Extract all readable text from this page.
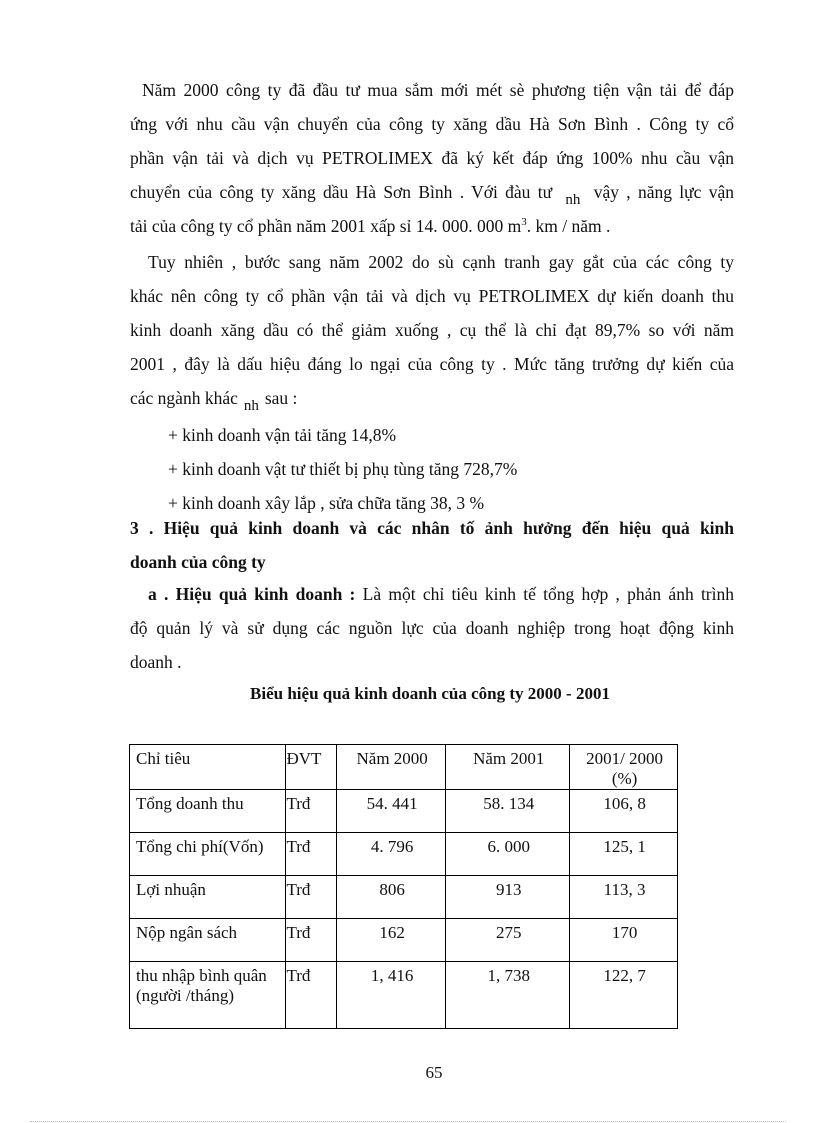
Năm 2000 công ty đã đầu tư mua sắm mới mét sè phương tiện vận tải để đáp
ứng với nhu cầu vận chuyển của công ty xăng dầu Hà Sơn Bình . Công ty cổ
phần vận tải và dịch vụ PETROLIMEX đã ký kết đáp ứng 100% nhu cầu vận
chuyển của công ty xăng dầu Hà Sơn Bình . Với đàu tư nh vậy , năng lực vận
tải của công ty cổ phần năm 2001 xấp sỉ 14. 000. 000 $m^3$. km / năm .
Tuy nhiên , bước sang năm 2002 do sù cạnh tranh gay gắt của các công ty
khác nên công ty cổ phần vận tải và dịch vụ PETROLIMEX dự kiến doanh thu
kinh doanh xăng dầu có thể giảm xuống , cụ thể là chỉ đạt 89,7% so với năm
2001 , đây là dấu hiệu đáng lo ngại của công ty . Mức tăng trưởng dự kiến của
các ngành khác nh sau :

+ kinh doanh vận tải tăng 14,8%

+ kinh doanh vật tư thiết bị phụ tùng tăng 728,7%

+ kinh doanh xây lắp , sửa chữa tăng 38, 3 %

3 . Hiệu quả kinh doanh và các nhân tố ảnh hưởng đến hiệu quả kinh
doanh của công ty
a . Hiệu quả kinh doanh : Là một chỉ tiêu kinh tế tổng hợp , phản ánh trình
độ quản lý và sử dụng các nguồn lực của doanh nghiệp trong hoạt động kinh
doanh .

Biểu hiệu quả kinh doanh của công ty 2000 - 2001

Chỉ tiêu	ĐVT	Năm 2000	Năm 2001	2001/ 2000
(%)

Tổng doanh thu	Trđ	54. 441	58. 134	106, 8
Tổng chi phí(Vốn)	Trđ	4. 796	6. 000	125, 1
Lợi nhuận	Trđ	806	913	113, 3
Nộp ngân sách	Trđ	162	275	170

thu nhập bình quân
(người /tháng)	Trđ	1, 416	1, 738	122, 7

65
